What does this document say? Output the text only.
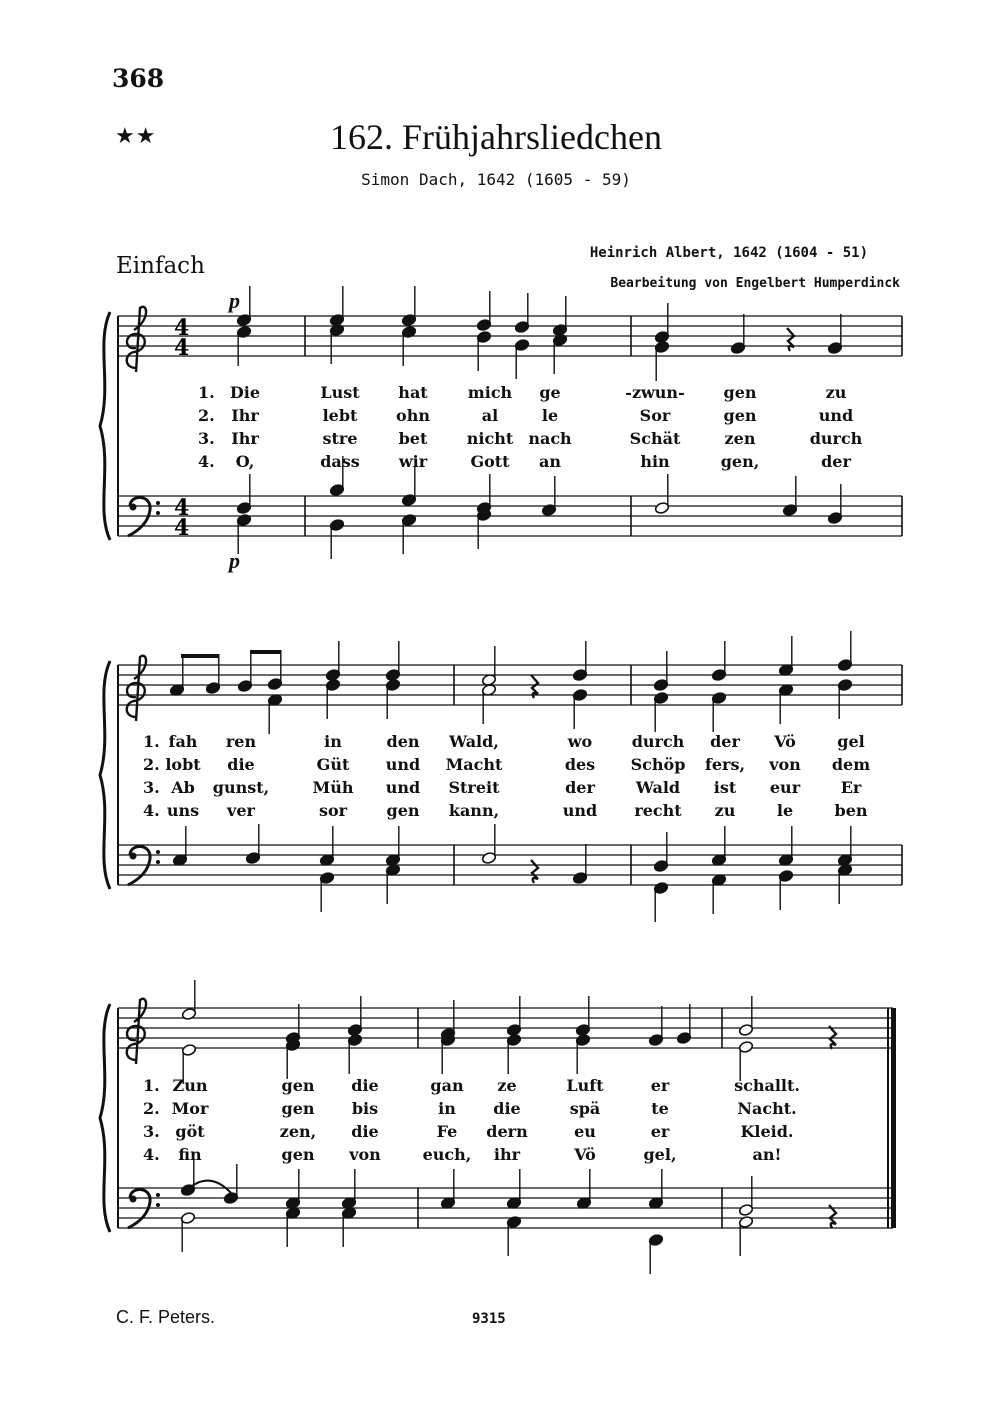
368
★★	162. Frühjahrsliedchen
Simon Dach, 1642 (1605 - 59)
Einfach	Heinrich Albert, 1642 (1604 - 51)
Bearbeitung von Engelbert Humperdinck
4
4
4
4
p
p
1. Die	Lust hat	mich ge	-zwun- gen	zu
2. Ihr	lebt ohn	al	le	Sor	gen	und
3. Ihr	stre	bet nicht nach	Schät	zen	durch
4. O,	dass wir	Gott an	hin	gen,	der
1. fah ren	in	den Wald,	wo durch der Vö	gel
2. lobt die	Güt und Macht	des Schöp fers, von dem
3. Ab gunst,	Müh und Streit	der	Wald ist eur	Er
4. uns ver	sor gen kann,	und recht zu	le	ben
1. Zun	gen die	gan ze	Luft	er	schallt.
2. Mor	gen bis	in die	spä	te	Nacht.
3. göt	zen, die	Fe dern	eu	er	Kleid.
4. fin	gen von	euch, ihr	Vö	gel,	an!
C. F. Peters.	9315
